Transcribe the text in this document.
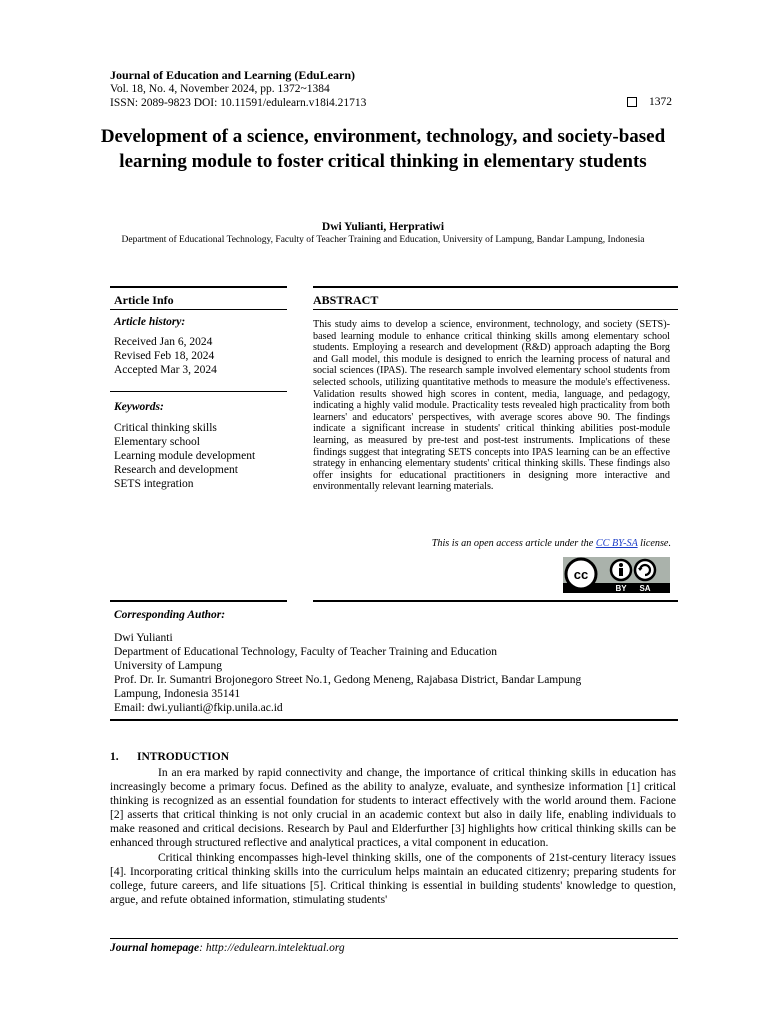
Journal of Education and Learning (EduLearn)
Vol. 18, No. 4, November 2024, pp. 1372~1384
ISSN: 2089-9823 DOI: 10.11591/edulearn.v18i4.21713	1372
Development of a science, environment, technology, and society-based learning module to foster critical thinking in elementary students
Dwi Yulianti, Herpratiwi
Department of Educational Technology, Faculty of Teacher Training and Education, University of Lampung, Bandar Lampung, Indonesia
Article Info	ABSTRACT
Article history:
Received Jan 6, 2024
Revised Feb 18, 2024
Accepted Mar 3, 2024
Keywords:
Critical thinking skills
Elementary school
Learning module development
Research and development
SETS integration
This study aims to develop a science, environment, technology, and society (SETS)-based learning module to enhance critical thinking skills among elementary school students. Employing a research and development (R&D) approach adapting the Borg and Gall model, this module is designed to enrich the learning process of natural and social sciences (IPAS). The research sample involved elementary school students from selected schools, utilizing quantitative methods to measure the module's effectiveness. Validation results showed high scores in content, media, language, and pedagogy, indicating a highly valid module. Practicality tests revealed high practicality from both learners' and educators' perspectives, with average scores above 90. The findings indicate a significant increase in students' critical thinking abilities post-module learning, as measured by pre-test and post-test instruments. Implications of these findings suggest that integrating SETS concepts into IPAS learning can be an effective strategy in enhancing elementary students' critical thinking skills. These findings also offer insights for educational practitioners in designing more interactive and environmentally relevant learning materials.
This is an open access article under the CC BY-SA license.
cc
BY SA
Corresponding Author:
Dwi Yulianti
Department of Educational Technology, Faculty of Teacher Training and Education
University of Lampung
Prof. Dr. Ir. Sumantri Brojonegoro Street No.1, Gedong Meneng, Rajabasa District, Bandar Lampung
Lampung, Indonesia 35141
Email: dwi.yulianti@fkip.unila.ac.id
1. INTRODUCTION

In an era marked by rapid connectivity and change, the importance of critical thinking skills in education has increasingly become a primary focus. Defined as the ability to analyze, evaluate, and synthesize information [1] critical thinking is recognized as an essential foundation for students to interact effectively with the world around them. Facione [2] asserts that critical thinking is not only crucial in an academic context but also in daily life, enabling individuals to make reasoned and critical decisions. Research by Paul and Elderfurther [3] highlights how critical thinking skills can be enhanced through structured reflective and analytical practices, a vital component in education.

Critical thinking encompasses high-level thinking skills, one of the components of 21st-century literacy issues [4]. Incorporating critical thinking skills into the curriculum helps maintain an educated citizenry; preparing students for college, future careers, and life situations [5]. Critical thinking is essential in building students' knowledge to question, argue, and refute obtained information, stimulating students'

Journal homepage: http://edulearn.intelektual.org
